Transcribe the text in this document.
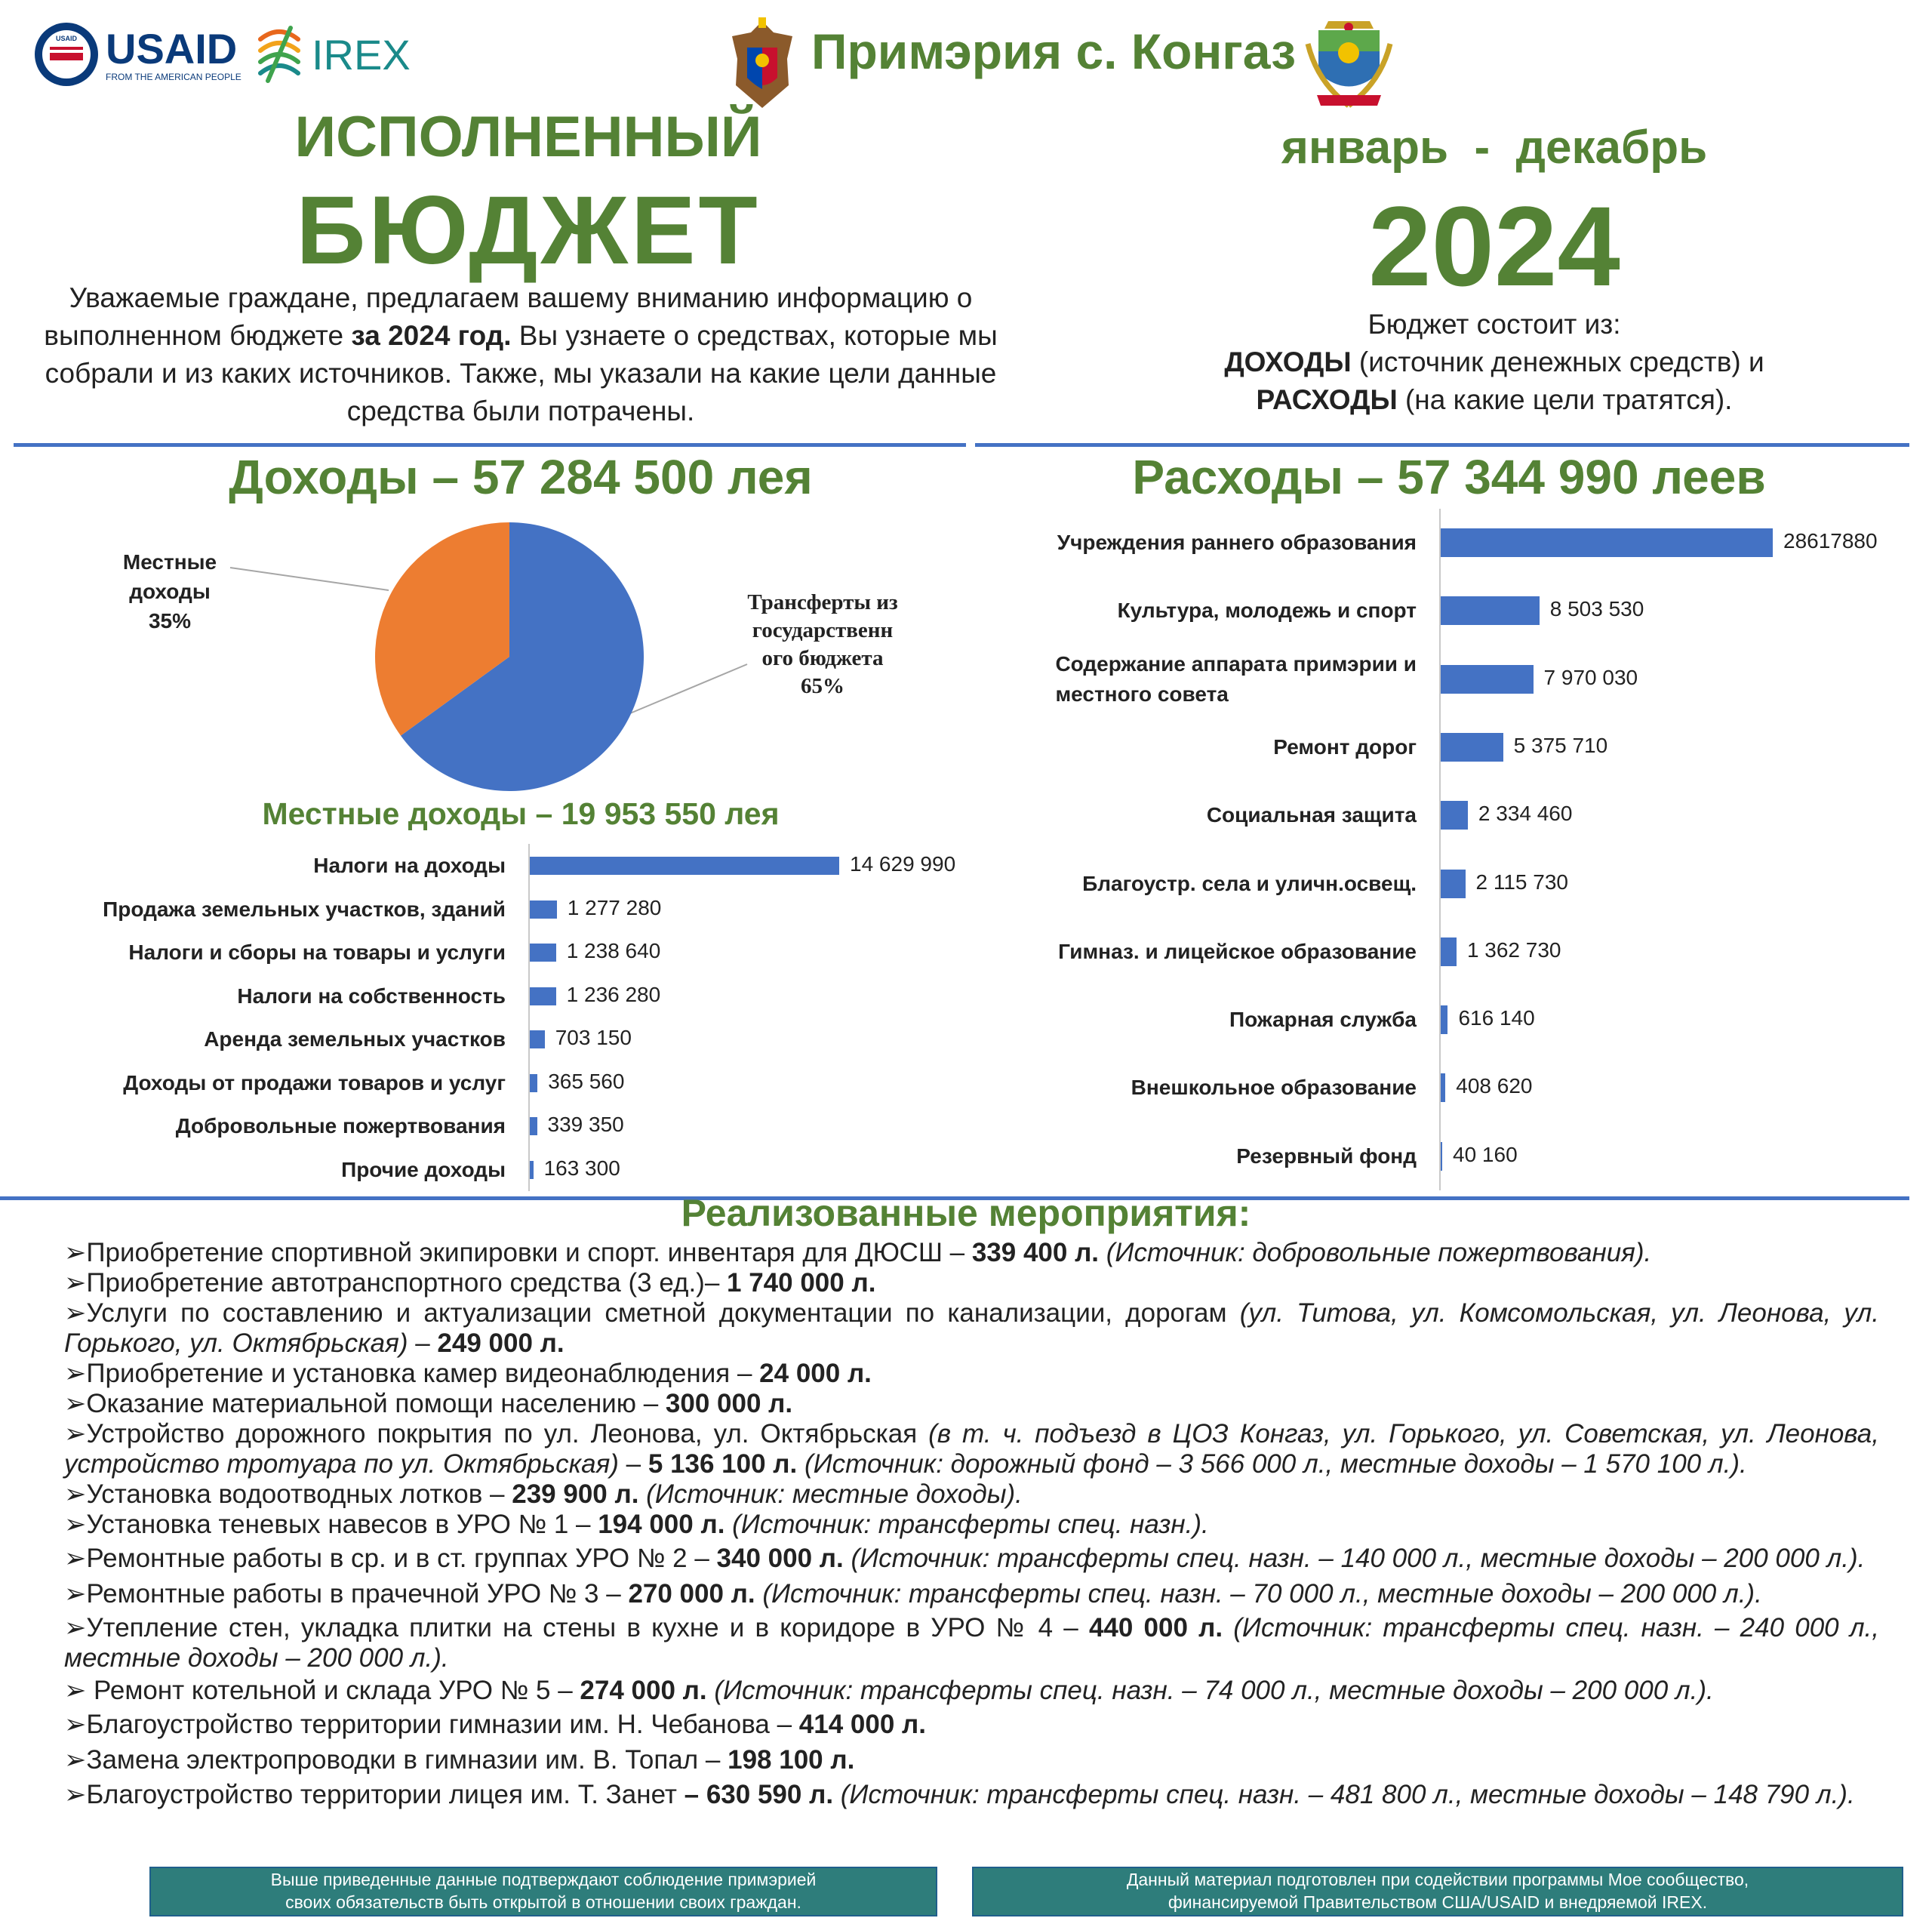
USAID USAID
FROM THE AMERICAN PEOPLE IREX	Примэрия с. Конгаз
ИСПОЛНЕННЫЙ
БЮДЖЕТ
Уважаемые граждане, предлагаем вашему вниманию информацию о выполненном бюджете за 2024 год. Вы узнаете о средствах, которые мы собрали и из каких источников. Также, мы указали на какие цели данные средства были потрачены.
январь  -  декабрь
2024
Бюджет состоит из:
ДОХОДЫ (источник денежных средств) и
РАСХОДЫ (на какие цели тратятся).
Доходы – 57 284 500 лея	Расходы – 57 344 990 леев
Местные
доходы
35%
Трансферты из
государственн
ого бюджета
65%
Местные доходы – 19 953 550 лея
Налоги на доходы	14 629 990
Продажа земельных участков, зданий	1 277 280
Налоги и сборы на товары и услуги	1 238 640
Налоги на собственность	1 236 280
Аренда земельных участков 703 150
Доходы от продажи товаров и услуг 365 560
Добровольные пожертвования 339 350
Прочие доходы 163 300
Учреждения раннего образования	28617880
Культура, молодежь и спорт	8 503 530
Содержание аппарата примэрии и
местного совета
7 970 030
Ремонт дорог	5 375 710
Социальная защита	2 334 460
Благоустр. села и уличн.освещ.	2 115 730
Гимназ. и лицейское образование 1 362 730
Пожарная служба 616 140
Внешкольное образование 408 620
Резервный фонд 40 160
Реализованные мероприятия:
➢Приобретение спортивной экипировки и спорт. инвентаря для ДЮСШ – 339 400 л. (Источник: добровольные пожертвования).
➢Приобретение автотранспортного средства (3 ед.)– 1 740 000 л.
➢Услуги по составлению и актуализации сметной документации по канализации, дорогам (ул. Титова, ул. Комсомольская, ул. Леонова, ул. Горького, ул. Октябрьская) – 249 000 л.
➢Приобретение и установка камер видеонаблюдения – 24 000 л.
➢Оказание материальной помощи населению – 300 000 л.
➢Устройство дорожного покрытия по ул. Леонова, ул. Октябрьская (в т. ч. подъезд в ЦОЗ Конгаз, ул. Горького, ул. Советская, ул. Леонова, устройство тротуара по ул. Октябрьская) – 5 136 100 л. (Источник: дорожный фонд – 3 566 000 л., местные доходы – 1 570 100 л.).
➢Установка водоотводных лотков – 239 900 л. (Источник: местные доходы).
➢Установка теневых навесов в УРО № 1 – 194 000 л. (Источник: трансферты спец. назн.).
➢Ремонтные работы в ср. и в ст. группах УРО № 2 – 340 000 л. (Источник: трансферты спец. назн. – 140 000 л., местные доходы – 200 000 л.).
➢Ремонтные работы в прачечной УРО № 3 – 270 000 л. (Источник: трансферты спец. назн. – 70 000 л., местные доходы – 200 000 л.).
➢Утепление стен, укладка плитки на стены в кухне и в коридоре в УРО № 4 – 440 000 л. (Источник: трансферты спец. назн. – 240 000 л., местные доходы – 200 000 л.).
➢ Ремонт котельной и склада УРО № 5 – 274 000 л. (Источник: трансферты спец. назн. – 74 000 л., местные доходы – 200 000 л.).
➢Благоустройство территории гимназии им. Н. Чебанова – 414 000 л.
➢Замена электропроводки в гимназии им. В. Топал – 198 100 л.
➢Благоустройство территории лицея им. Т. Занет – 630 590 л. (Источник: трансферты спец. назн. – 481 800 л., местные доходы – 148 790 л.).
Выше приведенные данные подтверждают соблюдение примэрией
своих обязательств быть открытой в отношении своих граждан.
Данный материал подготовлен при содействии программы Мое сообщество,
финансируемой Правительством США/USAID и внедряемой IREX.
